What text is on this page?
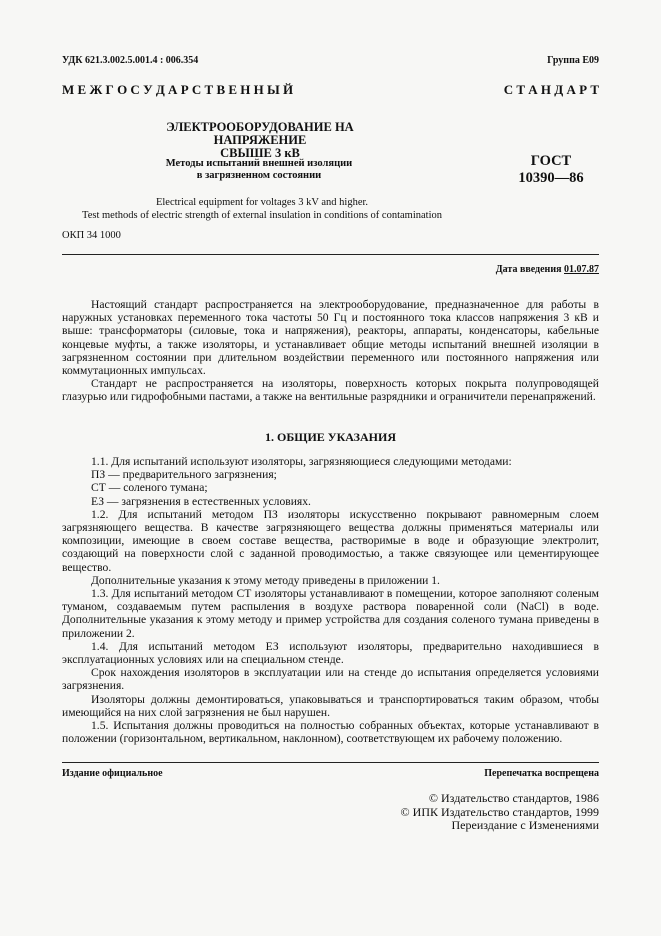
УДК 621.3.002.5.001.4 : 006.354	Группа Е09
М Е Ж Г О С У Д А Р С Т В Е Н Н Ы Й	С Т А Н Д А Р Т
ЭЛЕКТРООБОРУДОВАНИЕ НА НАПРЯЖЕНИЕ
СВЫШЕ 3 кВ
Методы испытаний внешней изоляции
в загрязненном состоянии
ГОСТ
10390—86
Electrical equipment for voltages 3 kV and higher.
Test methods of electric strength of external insulation in conditions of contamination
ОКП 34 1000
Дата введения 01.07.87

Настоящий стандарт распространяется на электрооборудование, предназначенное для работы в наружных установках переменного тока частоты 50 Гц и постоянного тока классов напряжения 3 кВ и выше: трансформаторы (силовые, тока и напряжения), реакторы, аппараты, конденсаторы, кабельные концевые муфты, а также изоляторы, и устанавливает общие методы испытаний внешней изоляции в загрязненном состоянии при длительном воздействии переменного или постоянного напряжения или коммутационных импульсах.

Стандарт не распространяется на изоляторы, поверхность которых покрыта полупроводящей глазурью или гидрофобными пастами, а также на вентильные разрядники и ограничители перенапряжений.

1. ОБЩИЕ УКАЗАНИЯ

1.1. Для испытаний используют изоляторы, загрязняющиеся следующими методами:

ПЗ — предварительного загрязнения;

СТ — соленого тумана;

ЕЗ — загрязнения в естественных условиях.

1.2. Для испытаний методом ПЗ изоляторы искусственно покрывают равномерным слоем загрязняющего вещества. В качестве загрязняющего вещества должны применяться материалы или композиции, имеющие в своем составе вещества, растворимые в воде и образующие электролит, создающий на поверхности слой с заданной проводимостью, а также связующее или цементирующее вещество.

Дополнительные указания к этому методу приведены в приложении 1.

1.3. Для испытаний методом СТ изоляторы устанавливают в помещении, которое заполняют соленым туманом, создаваемым путем распыления в воздухе раствора поваренной соли (NaCl) в воде. Дополнительные указания к этому методу и пример устройства для создания соленого тумана приведены в приложении 2.

1.4. Для испытаний методом ЕЗ используют изоляторы, предварительно находившиеся в эксплуатационных условиях или на специальном стенде.

Срок нахождения изоляторов в эксплуатации или на стенде до испытания определяется условиями загрязнения.

Изоляторы должны демонтироваться, упаковываться и транспортироваться таким образом, чтобы имеющийся на них слой загрязнения не был нарушен.

1.5. Испытания должны проводиться на полностью собранных объектах, которые устанавливают в положении (горизонтальном, вертикальном, наклонном), соответствующем их рабочему положению.

Издание официальное	Перепечатка воспрещена
© Издательство стандартов, 1986
© ИПК Издательство стандартов, 1999
Переиздание с Изменениями
